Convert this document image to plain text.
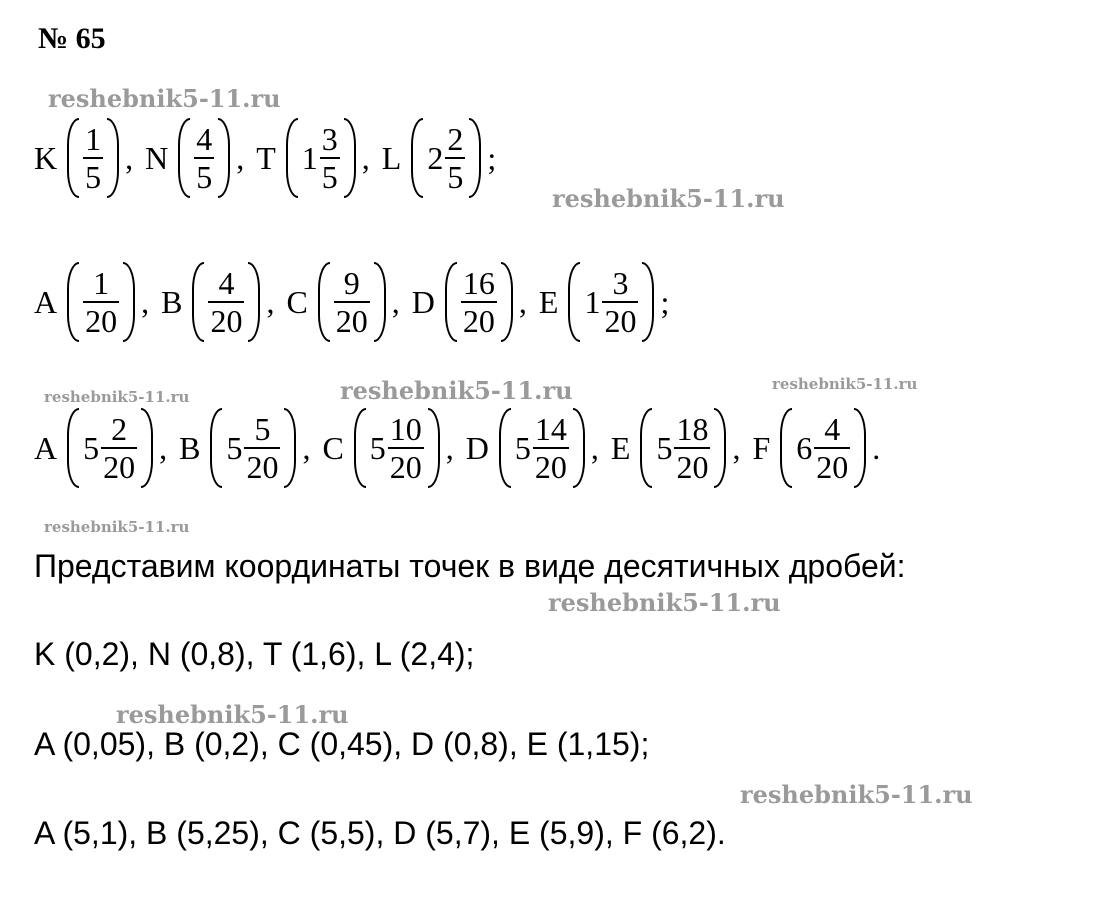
№ 65
K $\frac{1}{5}$ , N $\frac{4}{5}$ , T $1 \frac{3}{5}$ , L $2 \frac{2}{5}$ ;
A $\frac{1}{20}$ , B $\frac{4}{20}$ , C $\frac{9}{20}$ , D $\frac{16}{20}$ , E $1 \frac{3}{20}$ ;
A $5 \frac{2}{20}$ , B $5 \frac{5}{20}$ , C $5 \frac{10}{20}$ , D $5 \frac{14}{20}$ , E $5 \frac{18}{20}$ , F $6 \frac{4}{20}$ .
Представим координаты точек в виде десятичных дробей:
K (0,2), N (0,8), T (1,6), L (2,4);
A (0,05), B (0,2), C (0,45), D (0,8), E (1,15);
A (5,1), B (5,25), C (5,5), D (5,7), E (5,9), F (6,2).
reshebnik5-11.ru
reshebnik5-11.ru
reshebnik5-11.ru
reshebnik5-11.ru
reshebnik5-11.ru
reshebnik5-11.ru
reshebnik5-11.ru
reshebnik5-11.ru
reshebnik5-11.ru
